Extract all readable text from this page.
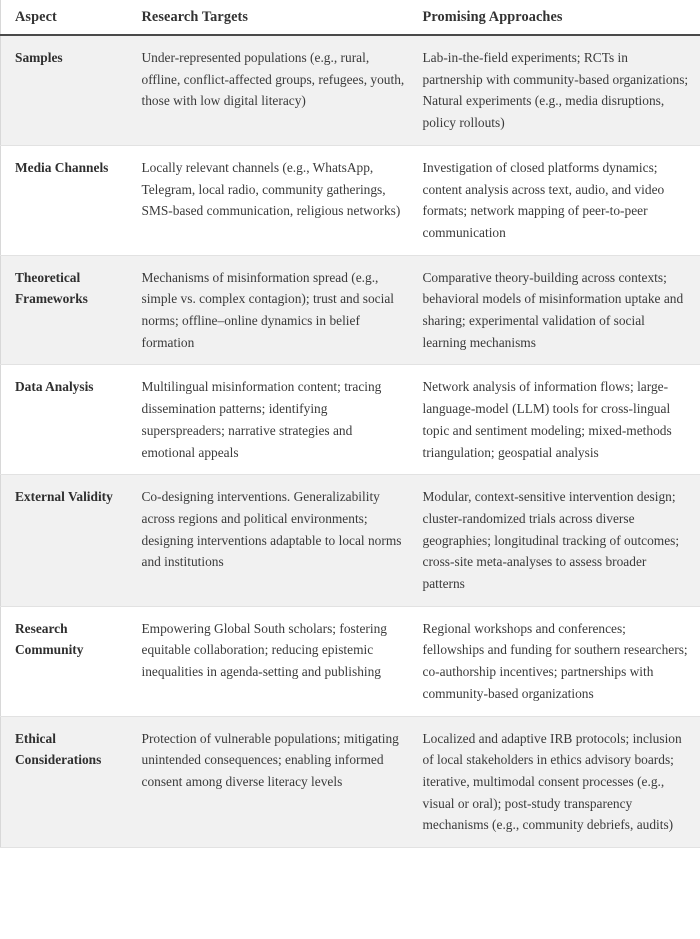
Aspect	Research Targets	Promising Approaches
Samples	Under-represented populations (e.g., rural, offline, conflict-affected groups, refugees, youth, those with low digital literacy)	Lab-in-the-field experiments; RCTs in partnership with community-based organizations; Natural experiments (e.g., media disruptions, policy rollouts)
Media Channels	Locally relevant channels (e.g., WhatsApp, Telegram, local radio, community gatherings, SMS-based communication, religious networks)	Investigation of closed platforms dynamics; content analysis across text, audio, and video formats; network mapping of peer-to-peer communication
Theoretical Frameworks	Mechanisms of misinformation spread (e.g., simple vs. complex contagion); trust and social norms; offline–online dynamics in belief formation	Comparative theory-building across contexts; behavioral models of misinformation uptake and sharing; experimental validation of social learning mechanisms
Data Analysis	Multilingual misinformation content; tracing dissemination patterns; identifying superspreaders; narrative strategies and emotional appeals	Network analysis of information flows; large-language-model (LLM) tools for cross-lingual topic and sentiment modeling; mixed-methods triangulation; geospatial analysis
External Validity	Co-designing interventions. Generalizability across regions and political environments; designing interventions adaptable to local norms and institutions	Modular, context-sensitive intervention design; cluster-randomized trials across diverse geographies; longitudinal tracking of outcomes; cross-site meta-analyses to assess broader patterns
Research Community	Empowering Global South scholars; fostering equitable collaboration; reducing epistemic inequalities in agenda-setting and publishing	Regional workshops and conferences; fellowships and funding for southern researchers; co-authorship incentives; partnerships with community-based organizations
Ethical Considerations	Protection of vulnerable populations; mitigating unintended consequences; enabling informed consent among diverse literacy levels	Localized and adaptive IRB protocols; inclusion of local stakeholders in ethics advisory boards; iterative, multimodal consent processes (e.g., visual or oral); post-study transparency mechanisms (e.g., community debriefs, audits)
